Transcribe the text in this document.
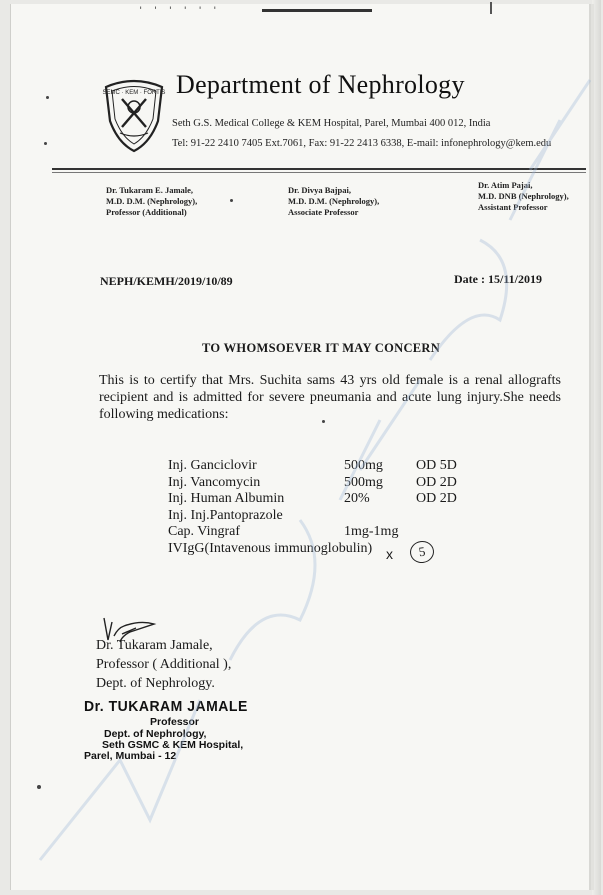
' ' ' ' ' '
SEMC · KEM · FORTIS Department of Nephrology
Seth G.S. Medical College & KEM Hospital, Parel, Mumbai 400 012, India
Tel: 91-22 2410 7405 Ext.7061, Fax: 91-22 2413 6338, E-mail: infonephrology@kem.edu
Dr. Tukaram E. Jamale,
M.D. D.M. (Nephrology),
Professor (Additional)
Dr. Divya Bajpai,
M.D. D.M. (Nephrology),
Associate Professor
Dr. Atim Pajai,
M.D. DNB (Nephrology),
Assistant Professor
NEPH/KEMH/2019/10/89	Date : 15/11/2019
TO WHOMSOEVER IT MAY CONCERN
This is to certify that Mrs. Suchita sams 43 yrs old female is a renal allografts recipient and is admitted for severe pneumania and acute lung injury.She needs following medications:
Inj. Ganciclovir	500mg OD 5D
Inj. Vancomycin	500mg OD 2D
Inj. Human Albumin	20%	OD 2D
Inj. Inj.Pantoprazole
Cap. Vingraf	1mg-1mg
IVIgG(Intavenous immunoglobulin) x	5
Dr. Tukaram Jamale,
Professor ( Additional ),
Dept. of Nephrology.
Dr. TUKARAM JAMALE
Professor
Dept. of Nephrology,
Seth GSMC & KEM Hospital,
Parel, Mumbai - 12
